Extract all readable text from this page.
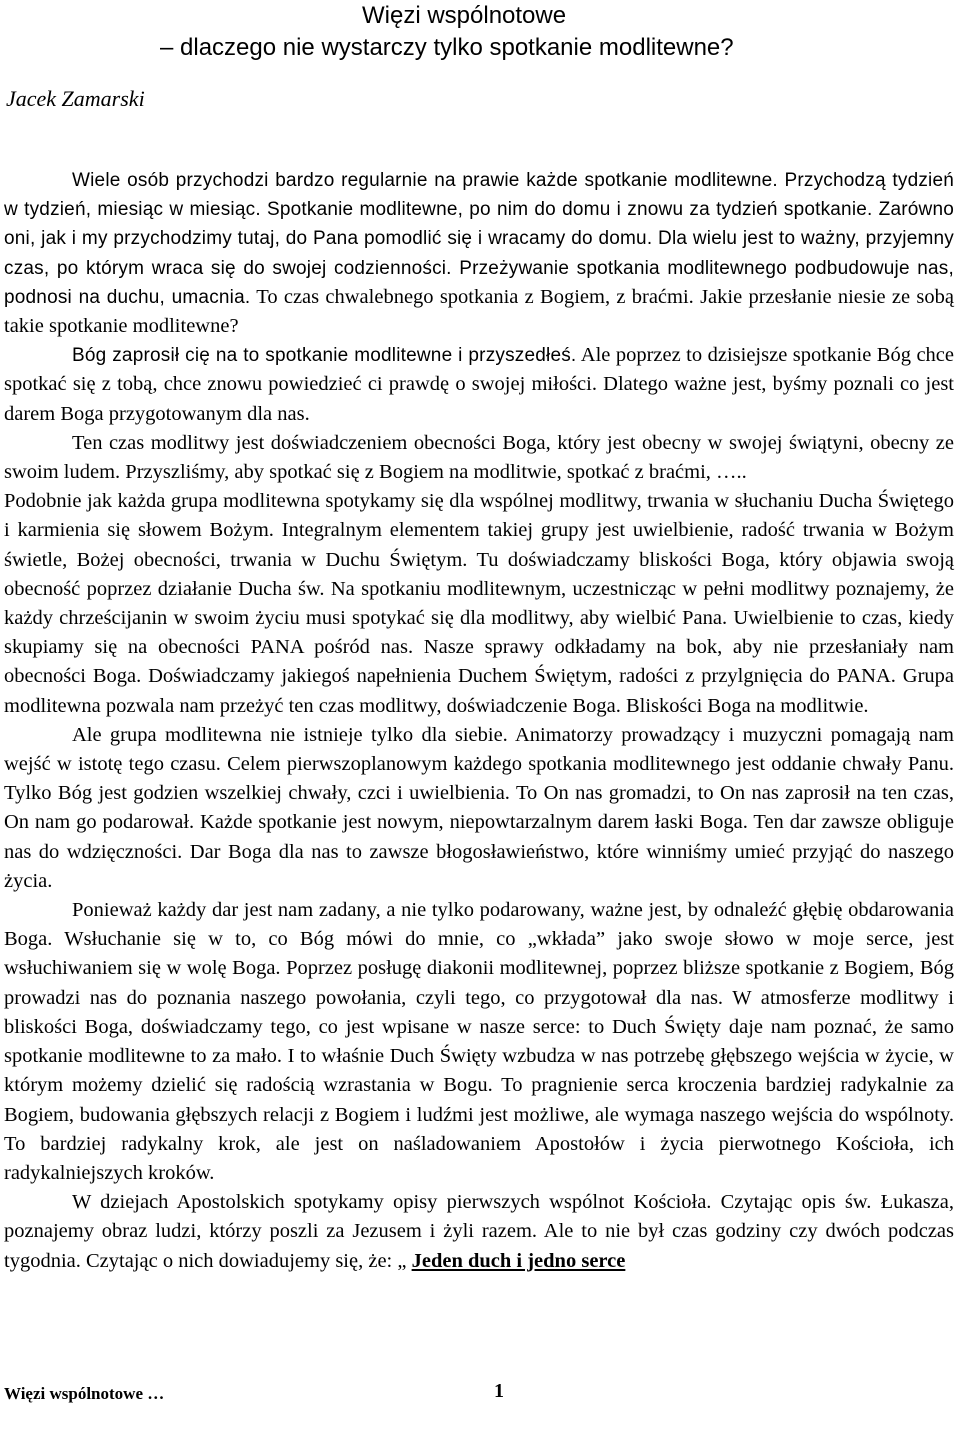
Więzi wspólnotowe
– dlaczego nie wystarczy tylko spotkanie modlitewne?
Jacek Zamarski

Wiele osób przychodzi bardzo regularnie na prawie każde spotkanie modlitewne. Przychodzą tydzień w tydzień, miesiąc w miesiąc. Spotkanie modlitewne, po nim do domu i znowu za tydzień spotkanie. Zarówno oni, jak i my przychodzimy tutaj, do Pana pomodlić się i wracamy do domu. Dla wielu jest to ważny, przyjemny czas, po którym wraca się do swojej codzienności. Przeżywanie spotkania modlitewnego podbudowuje nas, podnosi na duchu, umacnia. To czas chwalebnego spotkania z Bogiem, z braćmi. Jakie przesłanie niesie ze sobą takie spotkanie modlitewne?

Bóg zaprosił cię na to spotkanie modlitewne i przyszedłeś. Ale poprzez to dzisiejsze spotkanie Bóg chce spotkać się z tobą, chce znowu powiedzieć ci prawdę o swojej miłości. Dlatego ważne jest, byśmy poznali co jest darem Boga przygotowanym dla nas.

Ten czas modlitwy jest doświadczeniem obecności Boga, który jest obecny w swojej świątyni, obecny ze swoim ludem. Przyszliśmy, aby spotkać się z Bogiem na modlitwie, spotkać z braćmi, …..

Podobnie jak każda grupa modlitewna spotykamy się dla wspólnej modlitwy, trwania w słuchaniu Ducha Świętego i karmienia się słowem Bożym. Integralnym elementem takiej grupy jest uwielbienie, radość trwania w Bożym świetle, Bożej obecności, trwania w Duchu Świętym. Tu doświadczamy bliskości Boga, który objawia swoją obecność poprzez działanie Ducha św. Na spotkaniu modlitewnym, uczestnicząc w pełni modlitwy poznajemy, że każdy chrześcijanin w swoim życiu musi spotykać się dla modlitwy, aby wielbić Pana. Uwielbienie to czas, kiedy skupiamy się na obecności PANA pośród nas. Nasze sprawy odkładamy na bok, aby nie przesłaniały nam obecności Boga. Doświadczamy jakiegoś napełnienia Duchem Świętym, radości z przylgnięcia do PANA. Grupa modlitewna pozwala nam przeżyć ten czas modlitwy, doświadczenie Boga. Bliskości Boga na modlitwie.

Ale grupa modlitewna nie istnieje tylko dla siebie. Animatorzy prowadzący i muzyczni pomagają nam wejść w istotę tego czasu. Celem pierwszoplanowym każdego spotkania modlitewnego jest oddanie chwały Panu. Tylko Bóg jest godzien wszelkiej chwały, czci i uwielbienia. To On nas gromadzi, to On nas zaprosił na ten czas, On nam go podarował. Każde spotkanie jest nowym, niepowtarzalnym darem łaski Boga. Ten dar zawsze obliguje nas do wdzięczności. Dar Boga dla nas to zawsze błogosławieństwo, które winniśmy umieć przyjąć do naszego życia.

Ponieważ każdy dar jest nam zadany, a nie tylko podarowany, ważne jest, by odnaleźć głębię obdarowania Boga. Wsłuchanie się w to, co Bóg mówi do mnie, co „wkłada” jako swoje słowo w moje serce, jest wsłuchiwaniem się w wolę Boga. Poprzez posługę diakonii modlitewnej, poprzez bliższe spotkanie z Bogiem, Bóg prowadzi nas do poznania naszego powołania, czyli tego, co przygotował dla nas. W atmosferze modlitwy i bliskości Boga, doświadczamy tego, co jest wpisane w nasze serce: to Duch Święty daje nam poznać, że samo spotkanie modlitewne to za mało. I to właśnie Duch Święty wzbudza w nas potrzebę głębszego wejścia w życie, w którym możemy dzielić się radością wzrastania w Bogu. To pragnienie serca kroczenia bardziej radykalnie za Bogiem, budowania głębszych relacji z Bogiem i ludźmi jest możliwe, ale wymaga naszego wejścia do wspólnoty. To bardziej radykalny krok, ale jest on naśladowaniem Apostołów i życia pierwotnego Kościoła, ich radykalniejszych kroków.

W dziejach Apostolskich spotykamy opisy pierwszych wspólnot Kościoła. Czytając opis św. Łukasza, poznajemy obraz ludzi, którzy poszli za Jezusem i żyli razem. Ale to nie był czas godziny czy dwóch podczas tygodnia. Czytając o nich dowiadujemy się, że: „ Jeden duch i jedno serce

Więzi wspólnotowe …	1
